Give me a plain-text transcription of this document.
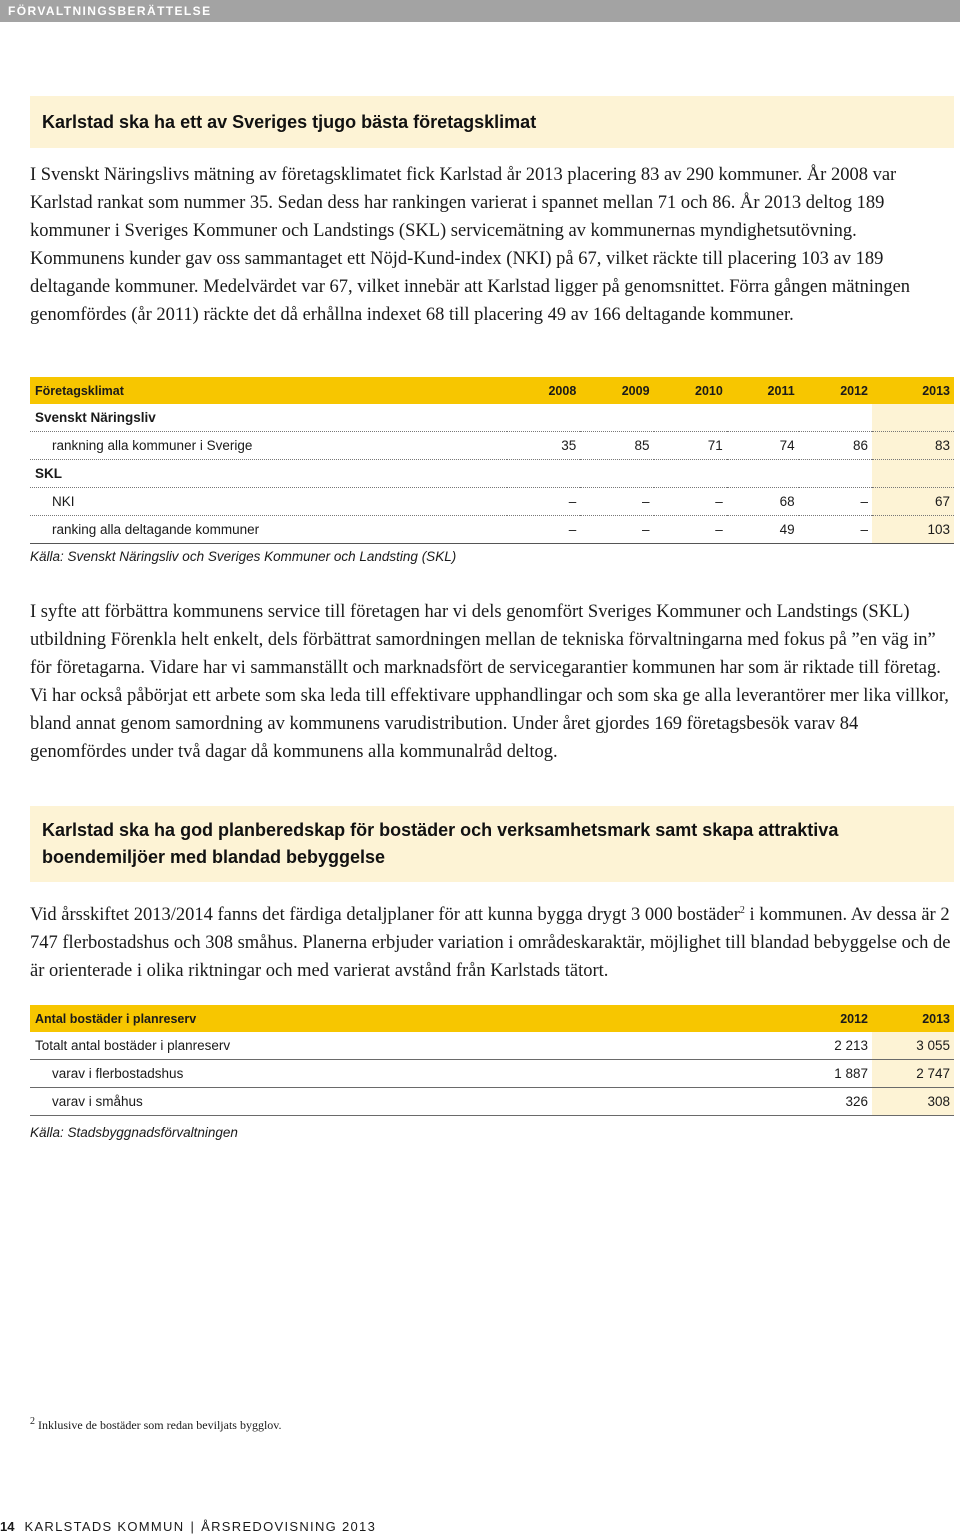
FÖRVALTNINGSBERÄTTELSE
Karlstad ska ha ett av Sveriges tjugo bästa företagsklimat

I Svenskt Näringslivs mätning av företagsklimatet fick Karlstad år 2013 placering 83 av 290 kommuner. År 2008 var Karlstad rankat som nummer 35. Sedan dess har rankingen varierat i spannet mellan 71 och 86. År 2013 deltog 189 kommuner i Sveriges Kommuner och Landstings (SKL) servicemätning av kommunernas myndighetsutövning. Kommunens kunder gav oss sammantaget ett Nöjd-Kund-index (NKI) på 67, vilket räckte till placering 103 av 189 deltagande kommuner. Medelvärdet var 67, vilket innebär att Karlstad ligger på genomsnittet. Förra gången mätningen genomfördes (år 2011) räckte det då erhållna indexet 68 till placering 49 av 166 deltagande kommuner.

Företagsklimat	2008	2009	2010	2011	2012	2013
Svenskt Näringsliv						
rankning alla kommuner i Sverige	35	85	71	74	86	83
SKL						
NKI	–	–	–	68	–	67
ranking alla deltagande kommuner	–	–	–	49	–	103
Källa: Svenskt Näringsliv och Sveriges Kommuner och Landsting (SKL)

I syfte att förbättra kommunens service till företagen har vi dels genomfört Sveriges Kommuner och Landstings (SKL) utbildning Förenkla helt enkelt, dels förbättrat samordningen mellan de tekniska förvaltningarna med fokus på ”en väg in” för företagarna. Vidare har vi sammanställt och marknadsfört de servicegarantier kommunen har som är riktade till företag. Vi har också påbörjat ett arbete som ska leda till effektivare upphandlingar och som ska ge alla leverantörer mer lika villkor, bland annat genom samordning av kommunens varudistribution. Under året gjordes 169 företagsbesök varav 84 genomfördes under två dagar då kommunens alla kommunalråd deltog.

Karlstad ska ha god planberedskap för bostäder och verksamhetsmark samt skapa attraktiva boendemiljöer med blandad bebyggelse

Vid årsskiftet 2013/2014 fanns det färdiga detaljplaner för att kunna bygga drygt 3 000 bostäder$^2$ i kommunen. Av dessa är 2 747 flerbostadshus och 308 småhus. Planerna erbjuder variation i områdeskaraktär, möjlighet till blandad bebyggelse och de är orienterade i olika riktningar och med varierat avstånd från Karlstads tätort.

Antal bostäder i planreserv	2012	2013
Totalt antal bostäder i planreserv	2 213	3 055
varav i flerbostadshus	1 887	2 747
varav i småhus	326	308
Källa: Stadsbyggnadsförvaltningen
$^2$ Inklusive de bostäder som redan beviljats bygglov.
14 KARLSTADS KOMMUN | ÅRSREDOVISNING 2013
